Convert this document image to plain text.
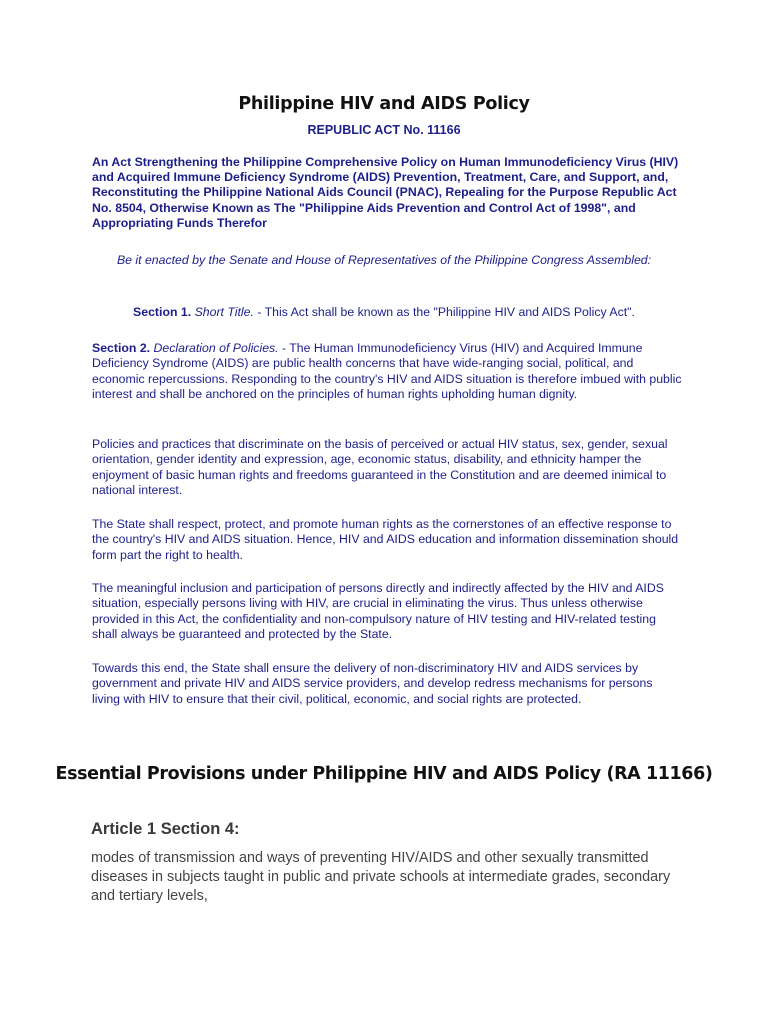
Philippine HIV and AIDS Policy
REPUBLIC ACT No. 11166

An Act Strengthening the Philippine Comprehensive Policy on Human Immunodeficiency Virus (HIV) and Acquired Immune Deficiency Syndrome (AIDS) Prevention, Treatment, Care, and Support, and, Reconstituting the Philippine National Aids Council (PNAC), Repealing for the Purpose Republic Act No. 8504, Otherwise Known as The "Philippine Aids Prevention and Control Act of 1998", and Appropriating Funds Therefor

Be it enacted by the Senate and House of Representatives of the Philippine Congress Assembled:
Section 1. Short Title. - This Act shall be known as the "Philippine HIV and AIDS Policy Act".

Section 2. Declaration of Policies. - The Human Immunodeficiency Virus (HIV) and Acquired Immune Deficiency Syndrome (AIDS) are public health concerns that have wide-ranging social, political, and economic repercussions. Responding to the country's HIV and AIDS situation is therefore imbued with public interest and shall be anchored on the principles of human rights upholding human dignity.

Policies and practices that discriminate on the basis of perceived or actual HIV status, sex, gender, sexual orientation, gender identity and expression, age, economic status, disability, and ethnicity hamper the enjoyment of basic human rights and freedoms guaranteed in the Constitution and are deemed inimical to national interest.

The State shall respect, protect, and promote human rights as the cornerstones of an effective response to the country's HIV and AIDS situation. Hence, HIV and AIDS education and information dissemination should form part the right to health.

The meaningful inclusion and participation of persons directly and indirectly affected by the HIV and AIDS situation, especially persons living with HIV, are crucial in eliminating the virus. Thus unless otherwise provided in this Act, the confidentiality and non-compulsory nature of HIV testing and HIV-related testing shall always be guaranteed and protected by the State.

Towards this end, the State shall ensure the delivery of non-discriminatory HIV and AIDS services by government and private HIV and AIDS service providers, and develop redress mechanisms for persons living with HIV to ensure that their civil, political, economic, and social rights are protected.

Essential Provisions under Philippine HIV and AIDS Policy (RA 11166)
Article 1 Section 4:

modes of transmission and ways of preventing HIV/AIDS and other sexually transmitted diseases in subjects taught in public and private schools at intermediate grades, secondary and tertiary levels,
